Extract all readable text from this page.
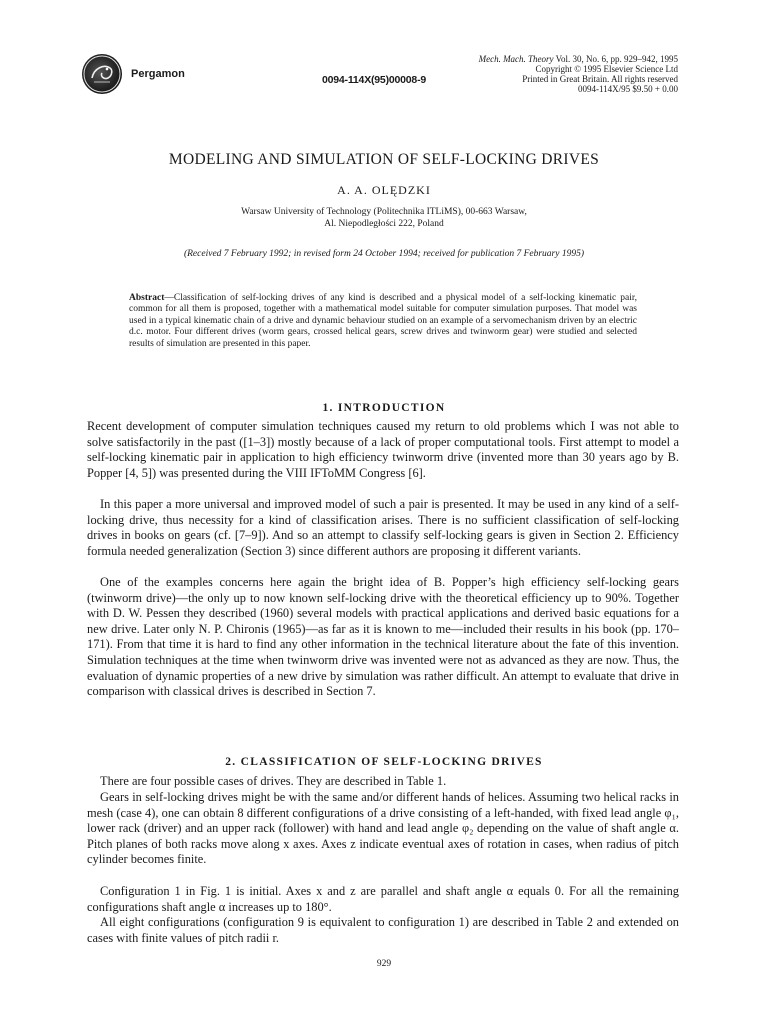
Pergamon	0094-114X(95)00008-9
Mech. Mach. Theory Vol. 30, No. 6, pp. 929–942, 1995
Copyright © 1995 Elsevier Science Ltd
Printed in Great Britain. All rights reserved
0094-114X/95 $9.50 + 0.00
MODELING AND SIMULATION OF SELF-LOCKING DRIVES
A. A. OLĘDZKI
Warsaw University of Technology (Politechnika ITLiMS), 00-663 Warsaw,
Al. Niepodległości 222, Poland
(Received 7 February 1992; in revised form 24 October 1994; received for publication 7 February 1995)
Abstract—Classification of self-locking drives of any kind is described and a physical model of a self-locking kinematic pair, common for all them is proposed, together with a mathematical model suitable for computer simulation purposes. That model was used in a typical kinematic chain of a drive and dynamic behaviour studied on an example of a servomechanism driven by an electric d.c. motor. Four different drives (worm gears, crossed helical gears, screw drives and twinworm gear) were studied and selected results of simulation are presented in this paper.
1. INTRODUCTION
Recent development of computer simulation techniques caused my return to old problems which I was not able to solve satisfactorily in the past ([1–3]) mostly because of a lack of proper computational tools. First attempt to model a self-locking kinematic pair in application to high efficiency twinworm drive (invented more than 30 years ago by B. Popper [4, 5]) was presented during the VIII IFToMM Congress [6].
In this paper a more universal and improved model of such a pair is presented. It may be used in any kind of a self-locking drive, thus necessity for a kind of classification arises. There is no sufficient classification of self-locking drives in books on gears (cf. [7–9]). And so an attempt to classify self-locking gears is given in Section 2. Efficiency formula needed generalization (Section 3) since different authors are proposing it different variants.
One of the examples concerns here again the bright idea of B. Popper’s high efficiency self-locking gears (twinworm drive)—the only up to now known self-locking drive with the theoretical efficiency up to 90%. Together with D. W. Pessen they described (1960) several models with practical applications and derived basic equations for a new drive. Later only N. P. Chironis (1965)—as far as it is known to me—included their results in his book (pp. 170–171). From that time it is hard to find any other information in the technical literature about the fate of this invention. Simulation techniques at the time when twinworm drive was invented were not as advanced as they are now. Thus, the evaluation of dynamic properties of a new drive by simulation was rather difficult. An attempt to evaluate that drive in comparison with classical drives is described in Section 7.
2. CLASSIFICATION OF SELF-LOCKING DRIVES
There are four possible cases of drives. They are described in Table 1.
Gears in self-locking drives might be with the same and/or different hands of helices. Assuming two helical racks in mesh (case 4), one can obtain 8 different configurations of a drive consisting of a left-handed, with fixed lead angle φ₁, lower rack (driver) and an upper rack (follower) with hand and lead angle φ₂ depending on the value of shaft angle α. Pitch planes of both racks move along x axes. Axes z indicate eventual axes of rotation in cases, when radius of pitch cylinder becomes finite.
Configuration 1 in Fig. 1 is initial. Axes x and z are parallel and shaft angle α equals 0. For all the remaining configurations shaft angle α increases up to 180°.
All eight configurations (configuration 9 is equivalent to configuration 1) are described in Table 2 and extended on cases with finite values of pitch radii r.
929
